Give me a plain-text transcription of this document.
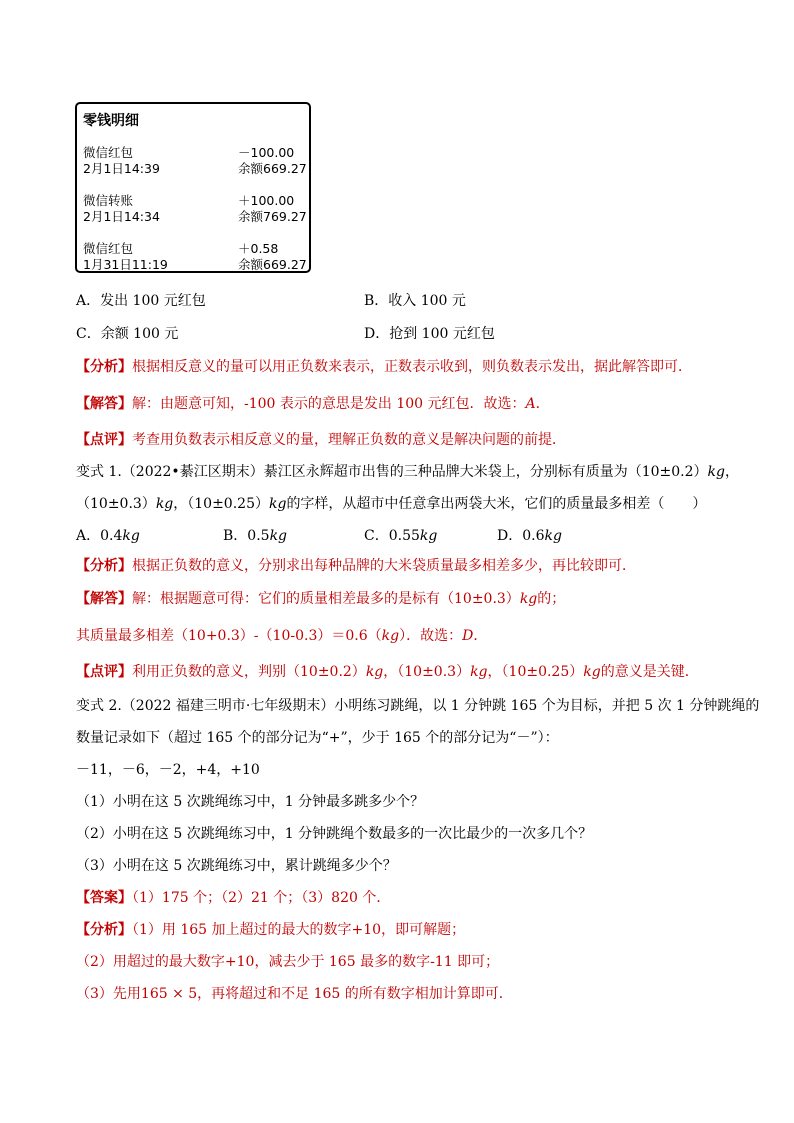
零钱明细
微信红包	－100.00
2月1日14:39	余额669.27
微信转账	＋100.00
2月1日14:34	余额769.27
微信红包	＋0.58
1月31日11:19	余额669.27
A．发出 100 元红包	B．收入 100 元
C．余额 100 元	D．抢到 100 元红包
【分析】根据相反意义的量可以用正负数来表示，正数表示收到，则负数表示发出，据此解答即可．
【解答】解：由题意可知，-100 表示的意思是发出 100 元红包．故选：A．
【点评】考查用负数表示相反意义的量，理解正负数的意义是解决问题的前提．
变式 1.（2022•綦江区期末）綦江区永辉超市出售的三种品牌大米袋上，分别标有质量为（10±0.2）kg，
（10±0.3）kg，（10±0.25）kg的字样，从超市中任意拿出两袋大米，它们的质量最多相差（　　）
A．0.4kg	B．0.5kg	C．0.55kg	D．0.6kg
【分析】根据正负数的意义，分别求出每种品牌的大米袋质量最多相差多少，再比较即可．
【解答】解：根据题意可得：它们的质量相差最多的是标有（10±0.3）kg的；
其质量最多相差（10+0.3）-（10-0.3）＝0.6（kg）．故选：D．
【点评】利用正负数的意义，判别（10±0.2）kg，（10±0.3）kg，（10±0.25）kg的意义是关键．
变式 2.（2022 福建三明市·七年级期末）小明练习跳绳，以 1 分钟跳 165 个为目标，并把 5 次 1 分钟跳绳的
数量记录如下（超过 165 个的部分记为“+”，少于 165 个的部分记为“－”）：
－11，－6，－2，+4，+10
（1）小明在这 5 次跳绳练习中，1 分钟最多跳多少个？
（2）小明在这 5 次跳绳练习中，1 分钟跳绳个数最多的一次比最少的一次多几个？
（3）小明在这 5 次跳绳练习中，累计跳绳多少个？
【答案】（1）175 个；（2）21 个；（3）820 个．
【分析】（1）用 165 加上超过的最大的数字+10，即可解题；
（2）用超过的最大数字+10，减去少于 165 最多的数字-11 即可；
（3）先用165 × 5，再将超过和不足 165 的所有数字相加计算即可．
